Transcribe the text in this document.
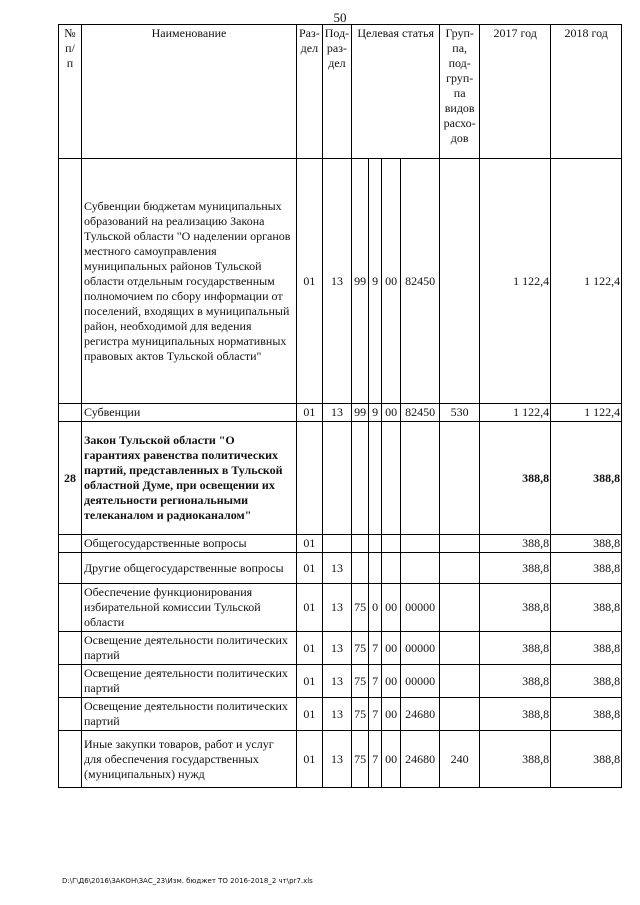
50
№ п/ п	Наименование	Раз- дел	Под- раз- дел	Целевая статья				Груп- па, под- груп- па видов расхо- дов	2017 год	2018 год
	Субвенции бюджетам муниципальных образований на реализацию Закона Тульской области "О наделении органов местного самоуправления муниципальных районов Тульской области отдельным государственным полномочием по сбору информации от поселений, входящих в муниципальный район, необходимой для ведения регистра муниципальных нормативных правовых актов Тульской области"	01	13	99	9	00	82450		1 122,4	1 122,4
	Субвенции	01	13	99	9	00	82450	530	1 122,4	1 122,4
28	Закон Тульской области "О гарантиях равенства политических партий, представленных в Тульской областной Думе, при освещении их деятельности региональными телеканалом и радиоканалом"								388,8	388,8
	Общегосударственные вопросы	01							388,8	388,8
	Другие общегосударственные вопросы	01	13						388,8	388,8
	Обеспечение функционирования избирательной комиссии Тульской области	01	13	75	0	00	00000		388,8	388,8
	Освещение деятельности политических партий	01	13	75	7	00	00000		388,8	388,8
	Освещение деятельности политических партий	01	13	75	7	00	00000		388,8	388,8
	Освещение деятельности политических партий	01	13	75	7	00	24680		388,8	388,8
	Иные закупки товаров, работ и услуг для обеспечения государственных (муниципальных) нужд	01	13	75	7	00	24680	240	388,8	388,8
D:\Г\Д6\2016\ЗАКОН\ЗАС_23\Изм. бюджет ТО 2016-2018_2 чт\pr7.xls
